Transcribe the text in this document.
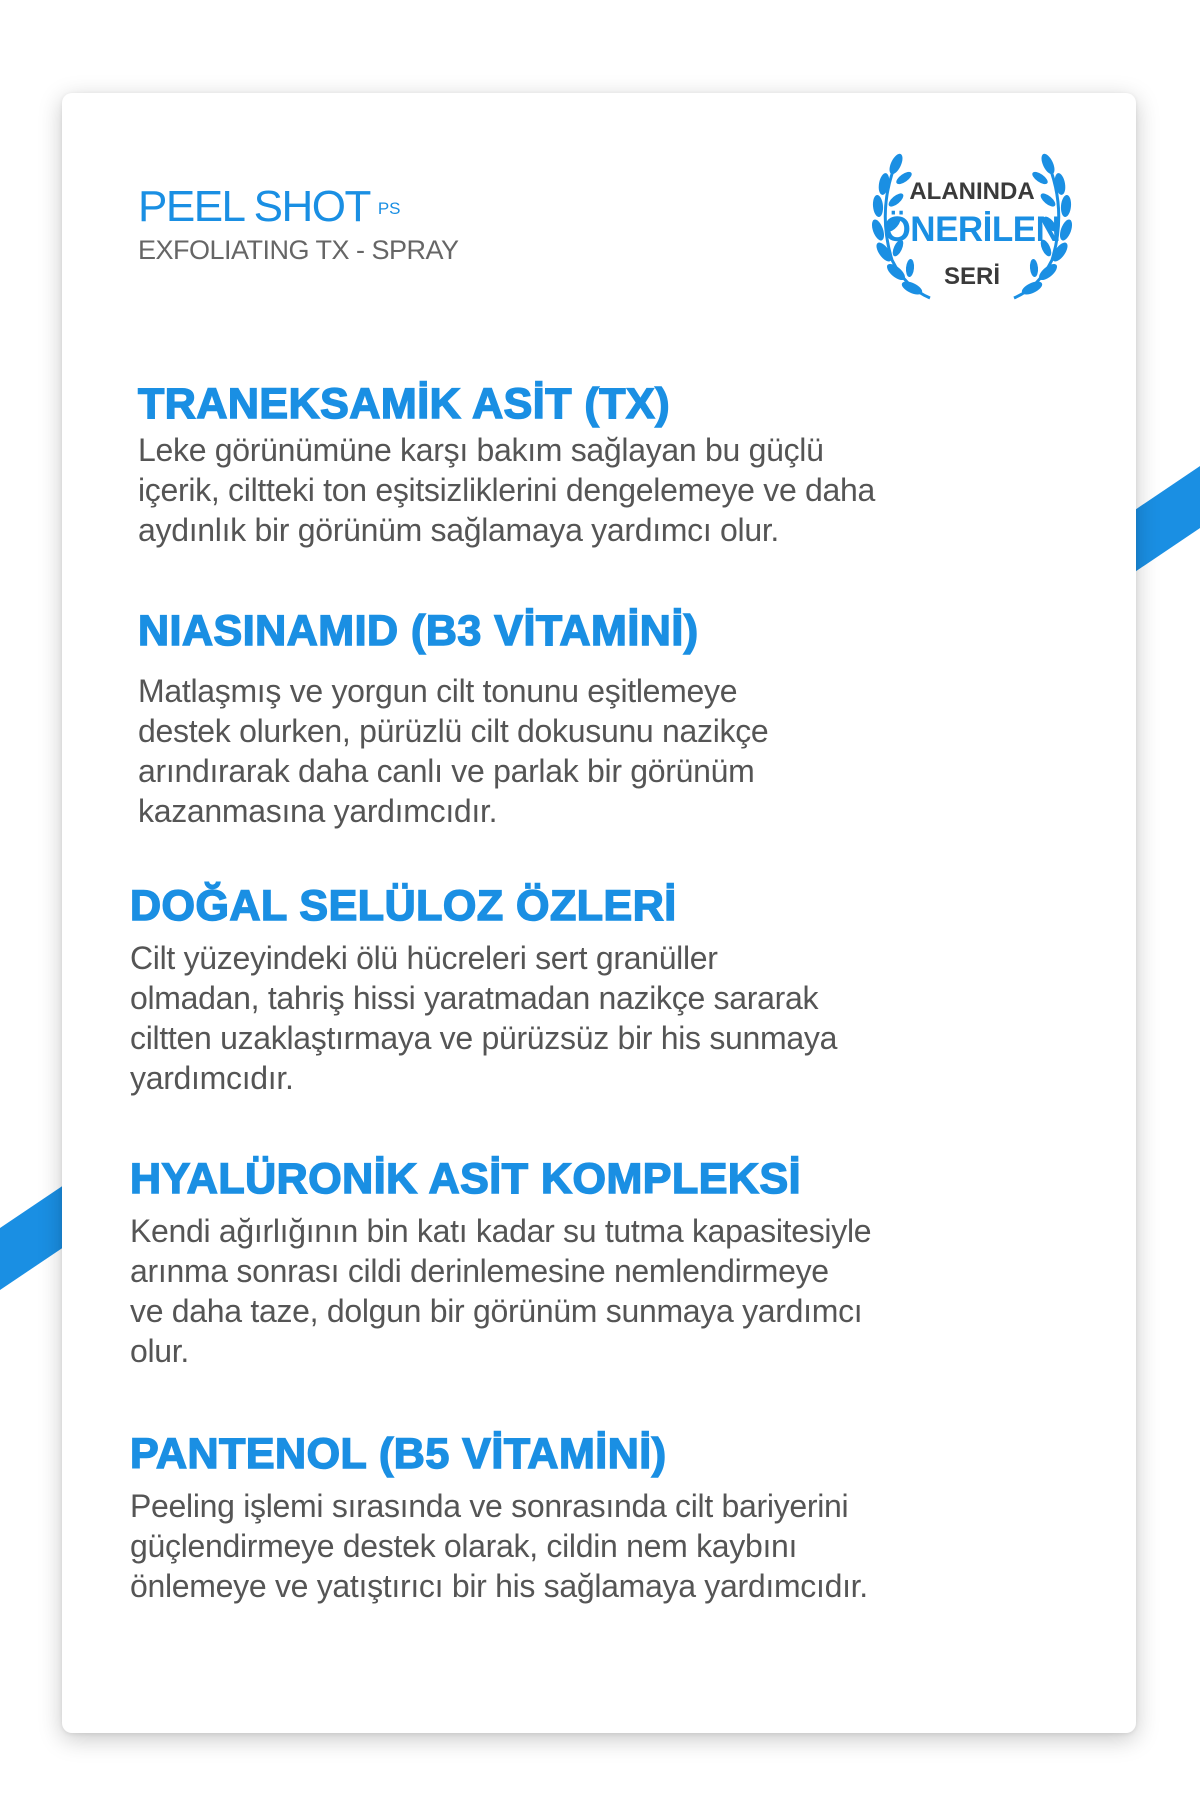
PEEL SHOT $^{PS}$
EXFOLIATING TX - SPRAY
ALANINDA
ÖNERİLEN
SERİ
TRANEKSAMİK ASİT (TX)

Leke görünümüne karşı bakım sağlayan bu güçlü
içerik, ciltteki ton eşitsizliklerini dengelemeye ve daha
aydınlık bir görünüm sağlamaya yardımcı olur.

NIASINAMID (B3 VİTAMİNİ)

Matlaşmış ve yorgun cilt tonunu eşitlemeye
destek olurken, pürüzlü cilt dokusunu nazikçe
arındırarak daha canlı ve parlak bir görünüm
kazanmasına yardımcıdır.

DOĞAL SELÜLOZ ÖZLERİ

Cilt yüzeyindeki ölü hücreleri sert granüller
olmadan, tahriş hissi yaratmadan nazikçe sararak
ciltten uzaklaştırmaya ve pürüzsüz bir his sunmaya
yardımcıdır.

HYALÜRONİK ASİT KOMPLEKSİ

Kendi ağırlığının bin katı kadar su tutma kapasitesiyle
arınma sonrası cildi derinlemesine nemlendirmeye
ve daha taze, dolgun bir görünüm sunmaya yardımcı
olur.

PANTENOL (B5 VİTAMİNİ)

Peeling işlemi sırasında ve sonrasında cilt bariyerini
güçlendirmeye destek olarak, cildin nem kaybını
önlemeye ve yatıştırıcı bir his sağlamaya yardımcıdır.
